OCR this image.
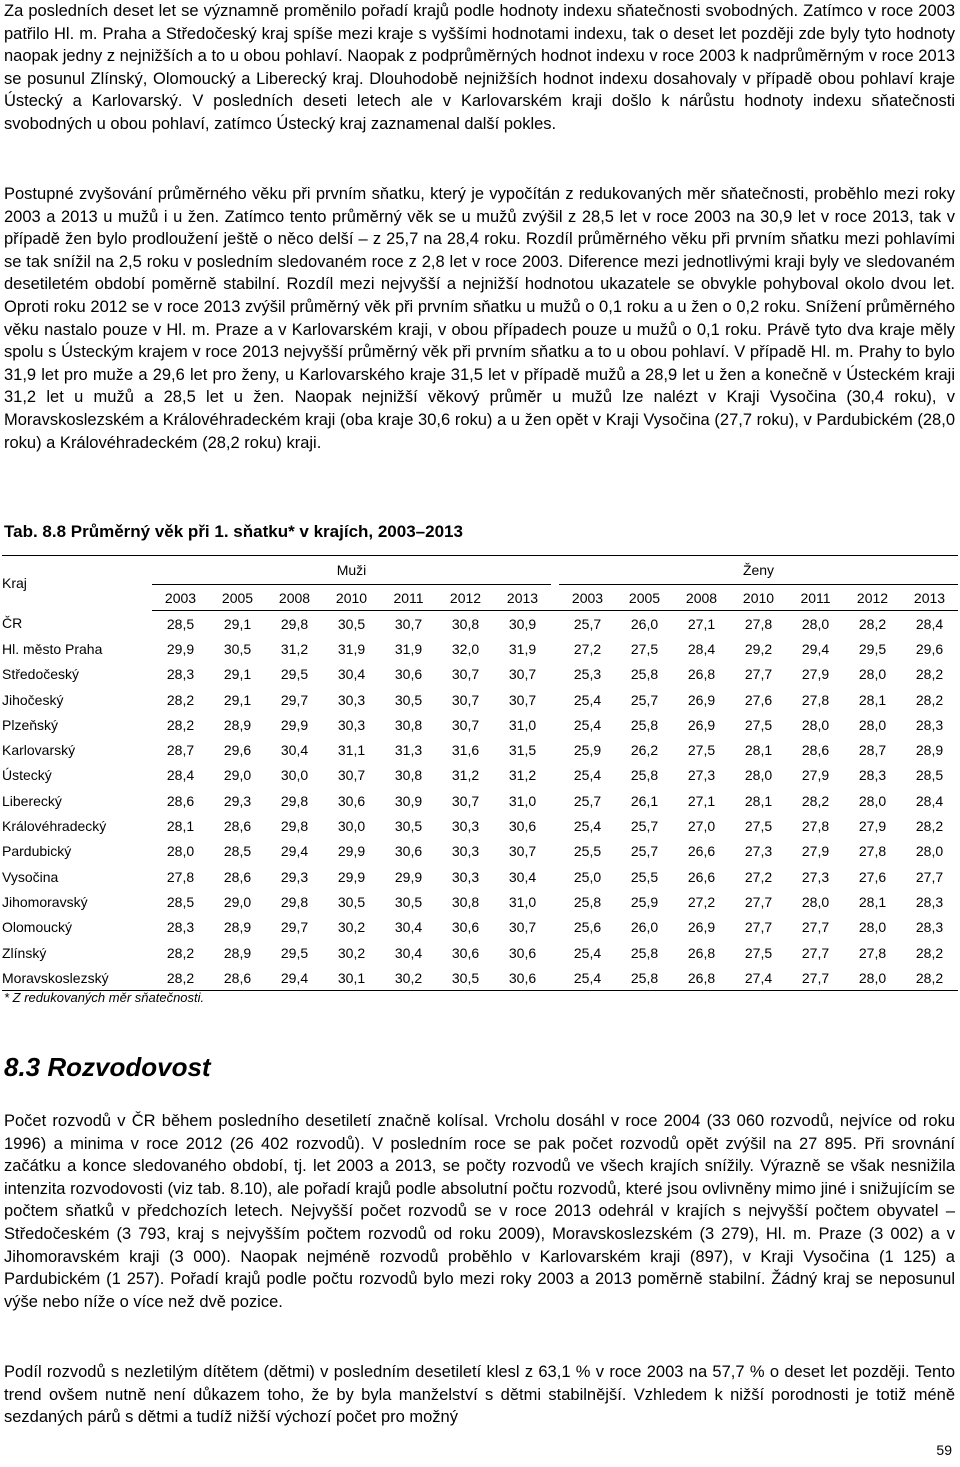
Za posledních deset let se významně proměnilo pořadí krajů podle hodnoty indexu sňatečnosti svobodných. Zatímco v roce 2003 patřilo Hl. m. Praha a Středočeský kraj spíše mezi kraje s vyššími hodnotami indexu, tak o deset let později zde byly tyto hodnoty naopak jedny z nejnižších a to u obou pohlaví. Naopak z podprůměrných hodnot indexu v roce 2003 k nadprůměrným v roce 2013 se posunul Zlínský, Olomoucký a Liberecký kraj. Dlouhodobě nejnižších hodnot indexu dosahovaly v případě obou pohlaví kraje Ústecký a Karlovarský. V posledních deseti letech ale v Karlovarském kraji došlo k nárůstu hodnoty indexu sňatečnosti svobodných u obou pohlaví, zatímco Ústecký kraj zaznamenal další pokles.

Postupné zvyšování průměrného věku při prvním sňatku, který je vypočítán z redukovaných měr sňatečnosti, proběhlo mezi roky 2003 a 2013 u mužů i u žen. Zatímco tento průměrný věk se u mužů zvýšil z 28,5 let v roce 2003 na 30,9 let v roce 2013, tak v případě žen bylo prodloužení ještě o něco delší – z 25,7 na 28,4 roku. Rozdíl průměrného věku při prvním sňatku mezi pohlavími se tak snížil na 2,5 roku v posledním sledovaném roce z 2,8 let v roce 2003. Diference mezi jednotlivými kraji byly ve sledovaném desetiletém období poměrně stabilní. Rozdíl mezi nejvyšší a nejnižší hodnotou ukazatele se obvykle pohyboval okolo dvou let. Oproti roku 2012 se v roce 2013 zvýšil průměrný věk při prvním sňatku u mužů o 0,1 roku a u žen o 0,2 roku. Snížení průměrného věku nastalo pouze v Hl. m. Praze a v Karlovarském kraji, v obou případech pouze u mužů o 0,1 roku. Právě tyto dva kraje měly spolu s Ústeckým krajem v roce 2013 nejvyšší průměrný věk při prvním sňatku a to u obou pohlaví. V případě Hl. m. Prahy to bylo 31,9 let pro muže a 29,6 let pro ženy, u Karlovarského kraje 31,5 let v případě mužů a 28,9 let u žen a konečně v Ústeckém kraji 31,2 let u mužů a 28,5 let u žen. Naopak nejnižší věkový průměr u mužů lze nalézt v Kraji Vysočina (30,4 roku), v Moravskoslezském a Královéhradeckém kraji (oba kraje 30,6 roku) a u žen opět v Kraji Vysočina (27,7 roku), v Pardubickém (28,0 roku) a Královéhradeckém (28,2 roku) kraji.

Tab. 8.8 Průměrný věk při 1. sňatku* v krajích, 2003–2013

Kraj	Muži								Ženy						
	2003	2005	2008	2010	2011	2012	2013		2003	2005	2008	2010	2011	2012	2013
ČR	28,5	29,1	29,8	30,5	30,7	30,8	30,9		25,7	26,0	27,1	27,8	28,0	28,2	28,4
Hl. město Praha	29,9	30,5	31,2	31,9	31,9	32,0	31,9		27,2	27,5	28,4	29,2	29,4	29,5	29,6
Středočeský	28,3	29,1	29,5	30,4	30,6	30,7	30,7		25,3	25,8	26,8	27,7	27,9	28,0	28,2
Jihočeský	28,2	29,1	29,7	30,3	30,5	30,7	30,7		25,4	25,7	26,9	27,6	27,8	28,1	28,2
Plzeňský	28,2	28,9	29,9	30,3	30,8	30,7	31,0		25,4	25,8	26,9	27,5	28,0	28,0	28,3
Karlovarský	28,7	29,6	30,4	31,1	31,3	31,6	31,5		25,9	26,2	27,5	28,1	28,6	28,7	28,9
Ústecký	28,4	29,0	30,0	30,7	30,8	31,2	31,2		25,4	25,8	27,3	28,0	27,9	28,3	28,5
Liberecký	28,6	29,3	29,8	30,6	30,9	30,7	31,0		25,7	26,1	27,1	28,1	28,2	28,0	28,4
Královéhradecký	28,1	28,6	29,8	30,0	30,5	30,3	30,6		25,4	25,7	27,0	27,5	27,8	27,9	28,2
Pardubický	28,0	28,5	29,4	29,9	30,6	30,3	30,7		25,5	25,7	26,6	27,3	27,9	27,8	28,0
Vysočina	27,8	28,6	29,3	29,9	29,9	30,3	30,4		25,0	25,5	26,6	27,2	27,3	27,6	27,7
Jihomoravský	28,5	29,0	29,8	30,5	30,5	30,8	31,0		25,8	25,9	27,2	27,7	28,0	28,1	28,3
Olomoucký	28,3	28,9	29,7	30,2	30,4	30,6	30,7		25,6	26,0	26,9	27,7	27,7	28,0	28,3
Zlínský	28,2	28,9	29,5	30,2	30,4	30,6	30,6		25,4	25,8	26,8	27,5	27,7	27,8	28,2
Moravskoslezský	28,2	28,6	29,4	30,1	30,2	30,5	30,6		25,4	25,8	26,8	27,4	27,7	28,0	28,2

* Z redukovaných měr sňatečnosti.

8.3 Rozvodovost

Počet rozvodů v ČR během posledního desetiletí značně kolísal. Vrcholu dosáhl v roce 2004 (33 060 rozvodů, nejvíce od roku 1996) a minima v roce 2012 (26 402 rozvodů). V posledním roce se pak počet rozvodů opět zvýšil na 27 895. Při srovnání začátku a konce sledovaného období, tj. let 2003 a 2013, se počty rozvodů ve všech krajích snížily. Výrazně se však nesnižila intenzita rozvodovosti (viz tab. 8.10), ale pořadí krajů podle absolutní počtu rozvodů, které jsou ovlivněny mimo jiné i snižujícím se počtem sňatků v předchozích letech. Nejvyšší počet rozvodů se v roce 2013 odehrál v krajích s nejvyšší počtem obyvatel – Středočeském (3 793, kraj s nejvyšším počtem rozvodů od roku 2009), Moravskoslezském (3 279), Hl. m. Praze (3 002) a v Jihomoravském kraji (3 000). Naopak nejméně rozvodů proběhlo v Karlovarském kraji (897), v Kraji Vysočina (1 125) a Pardubickém (1 257). Pořadí krajů podle počtu rozvodů bylo mezi roky 2003 a 2013 poměrně stabilní. Žádný kraj se neposunul výše nebo níže o více než dvě pozice.

Podíl rozvodů s nezletilým dítětem (dětmi) v posledním desetiletí klesl z 63,1 % v roce 2003 na 57,7 % o deset let později. Tento trend ovšem nutně není důkazem toho, že by byla manželství s dětmi stabilnější. Vzhledem k nižší porodnosti je totiž méně sezdaných párů s dětmi a tudíž nižší výchozí počet pro možný

59
